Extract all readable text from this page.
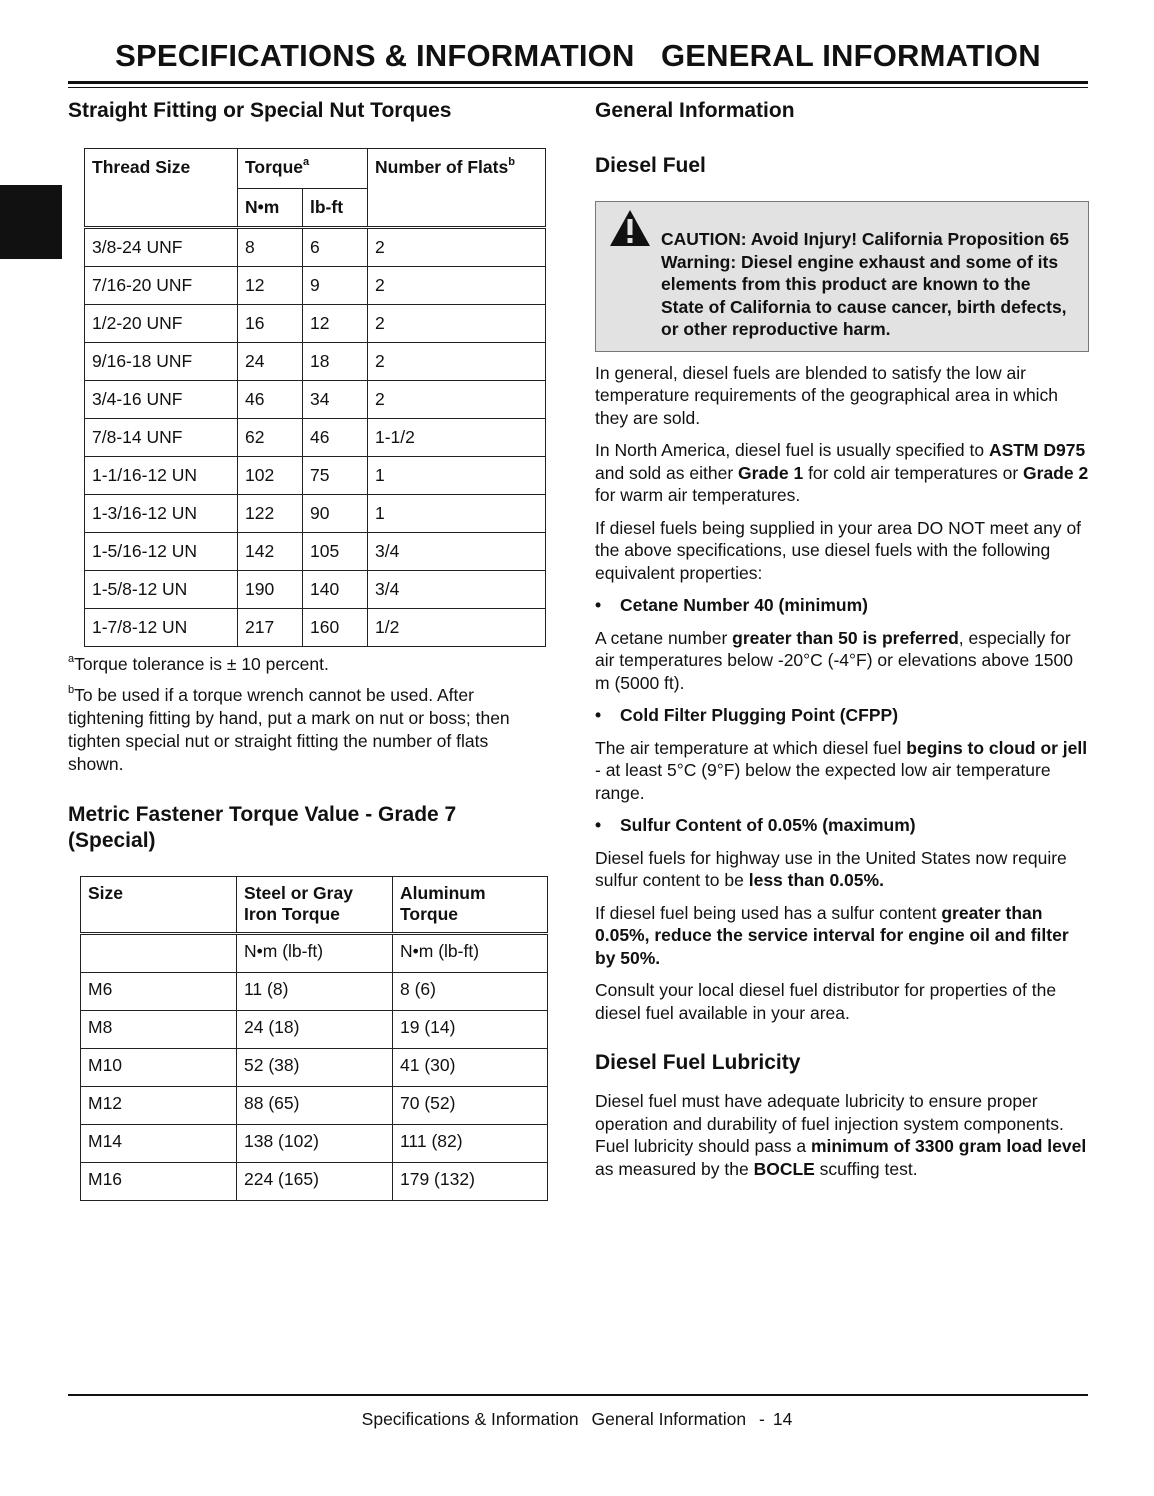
SPECIFICATIONS & INFORMATION   GENERAL INFORMATION
Straight Fitting or Special Nut Torques
Thread Size	Torque$^a$		Number of Flats$^b$
	N•m	lb-ft	
3/8-24 UNF	8	6	2
7/16-20 UNF	12	9	2
1/2-20 UNF	16	12	2
9/16-18 UNF	24	18	2
3/4-16 UNF	46	34	2
7/8-14 UNF	62	46	1-1/2
1-1/16-12 UN	102	75	1
1-3/16-12 UN	122	90	1
1-5/16-12 UN	142	105	3/4
1-5/8-12 UN	190	140	3/4
1-7/8-12 UN	217	160	1/2

$^a$Torque tolerance is ± 10 percent.

$^b$To be used if a torque wrench cannot be used. After tightening fitting by hand, put a mark on nut or boss; then tighten special nut or straight fitting the number of flats shown.

Metric Fastener Torque Value - Grade 7 (Special)
Size	Steel or Gray Iron Torque	Aluminum Torque
	N•m (lb-ft)	N•m (lb-ft)
M6	11 (8)	8 (6)
M8	24 (18)	19 (14)
M10	52 (38)	41 (30)
M12	88 (65)	70 (52)
M14	138 (102)	111 (82)
M16	224 (165)	179 (132)
General Information
Diesel Fuel
CAUTION: Avoid Injury! California Proposition 65 Warning: Diesel engine exhaust and some of its elements from this product are known to the State of California to cause cancer, birth defects, or other reproductive harm.

In general, diesel fuels are blended to satisfy the low air temperature requirements of the geographical area in which they are sold.

In North America, diesel fuel is usually specified to ASTM D975 and sold as either Grade 1 for cold air temperatures or Grade 2 for warm air temperatures.

If diesel fuels being supplied in your area DO NOT meet any of the above specifications, use diesel fuels with the following equivalent properties:

• Cetane Number 40 (minimum)

A cetane number greater than 50 is preferred, especially for air temperatures below -20°C (-4°F) or elevations above 1500 m (5000 ft).

• Cold Filter Plugging Point (CFPP)

The air temperature at which diesel fuel begins to cloud or jell - at least 5°C (9°F) below the expected low air temperature range.

• Sulfur Content of 0.05% (maximum)

Diesel fuels for highway use in the United States now require sulfur content to be less than 0.05%.

If diesel fuel being used has a sulfur content greater than 0.05%, reduce the service interval for engine oil and filter by 50%.

Consult your local diesel fuel distributor for properties of the diesel fuel available in your area.

Diesel Fuel Lubricity

Diesel fuel must have adequate lubricity to ensure proper operation and durability of fuel injection system components. Fuel lubricity should pass a minimum of 3300 gram load level as measured by the BOCLE scuffing test.

Specifications & Information General Information - 14
